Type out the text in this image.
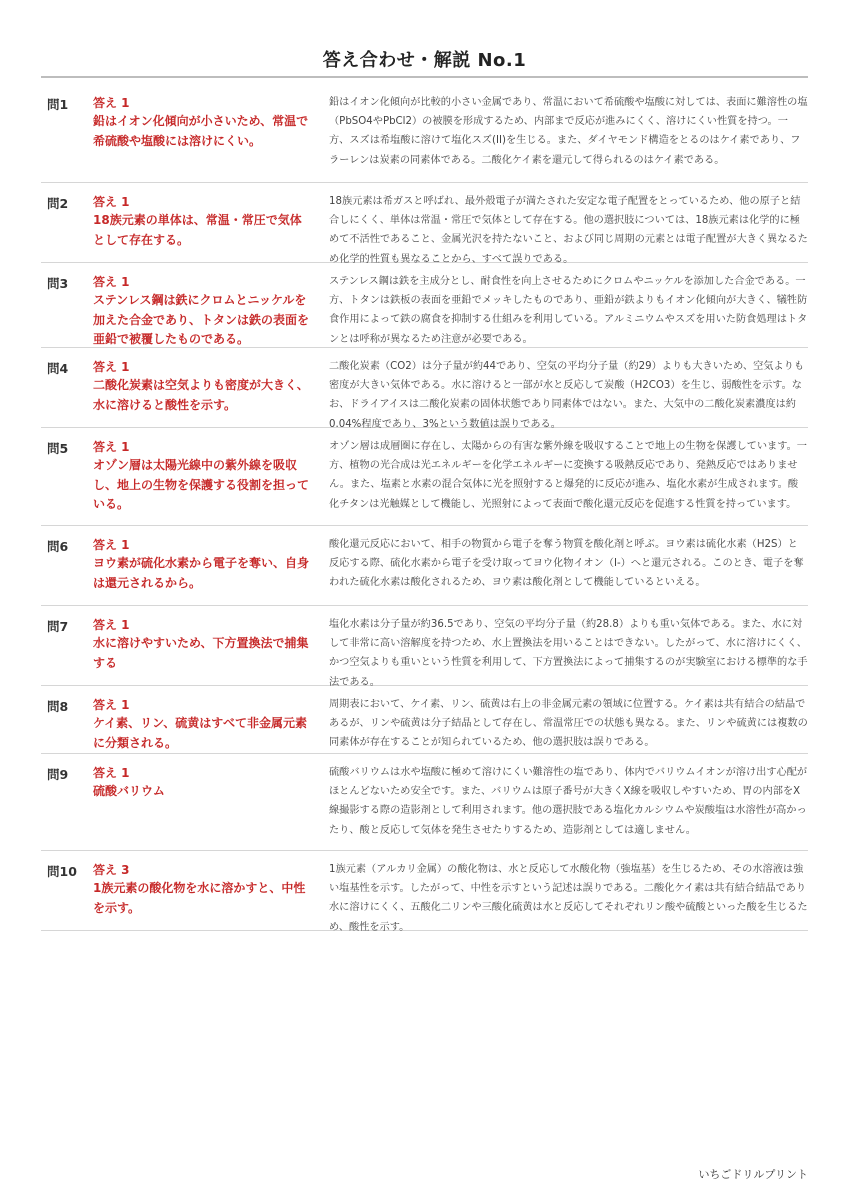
答え合わせ・解説 No.1
問1	答え 1
鉛はイオン化傾向が小さいため、常温で希硫酸や塩酸には溶けにくい。
鉛はイオン化傾向が比較的小さい金属であり、常温において希硫酸や塩酸に対しては、表面に難溶性の塩（PbSO4やPbCl2）の被膜を形成するため、内部まで反応が進みにくく、溶けにくい性質を持つ。一方、スズは希塩酸に溶けて塩化スズ(II)を生じる。また、ダイヤモンド構造をとるのはケイ素であり、フラーレンは炭素の同素体である。二酸化ケイ素を還元して得られるのはケイ素である。
問2	答え 1
18族元素の単体は、常温・常圧で気体として存在する。
18族元素は希ガスと呼ばれ、最外殻電子が満たされた安定な電子配置をとっているため、他の原子と結合しにくく、単体は常温・常圧で気体として存在する。他の選択肢については、18族元素は化学的に極めて不活性であること、金属光沢を持たないこと、および同じ周期の元素とは電子配置が大きく異なるため化学的性質も異なることから、すべて誤りである。
問3	答え 1
ステンレス鋼は鉄にクロムとニッケルを加えた合金であり、トタンは鉄の表面を亜鉛で被覆したものである。
ステンレス鋼は鉄を主成分とし、耐食性を向上させるためにクロムやニッケルを添加した合金である。一方、トタンは鉄板の表面を亜鉛でメッキしたものであり、亜鉛が鉄よりもイオン化傾向が大きく、犠牲防食作用によって鉄の腐食を抑制する仕組みを利用している。アルミニウムやスズを用いた防食処理はトタンとは呼称が異なるため注意が必要である。
問4	答え 1
二酸化炭素は空気よりも密度が大きく、水に溶けると酸性を示す。
二酸化炭素（CO2）は分子量が約44であり、空気の平均分子量（約29）よりも大きいため、空気よりも密度が大きい気体である。水に溶けると一部が水と反応して炭酸（H2CO3）を生じ、弱酸性を示す。なお、ドライアイスは二酸化炭素の固体状態であり同素体ではない。また、大気中の二酸化炭素濃度は約0.04%程度であり、3%という数値は誤りである。
問5	答え 1
オゾン層は太陽光線中の紫外線を吸収し、地上の生物を保護する役割を担っている。
オゾン層は成層圏に存在し、太陽からの有害な紫外線を吸収することで地上の生物を保護しています。一方、植物の光合成は光エネルギーを化学エネルギーに変換する吸熱反応であり、発熱反応ではありません。また、塩素と水素の混合気体に光を照射すると爆発的に反応が進み、塩化水素が生成されます。酸化チタンは光触媒として機能し、光照射によって表面で酸化還元反応を促進する性質を持っています。
問6	答え 1
ヨウ素が硫化水素から電子を奪い、自身は還元されるから。
酸化還元反応において、相手の物質から電子を奪う物質を酸化剤と呼ぶ。ヨウ素は硫化水素（H2S）と反応する際、硫化水素から電子を受け取ってヨウ化物イオン（I-）へと還元される。このとき、電子を奪われた硫化水素は酸化されるため、ヨウ素は酸化剤として機能しているといえる。
問7	答え 1
水に溶けやすいため、下方置換法で捕集する
塩化水素は分子量が約36.5であり、空気の平均分子量（約28.8）よりも重い気体である。また、水に対して非常に高い溶解度を持つため、水上置換法を用いることはできない。したがって、水に溶けにくく、かつ空気よりも重いという性質を利用して、下方置換法によって捕集するのが実験室における標準的な手法である。
問8	答え 1
ケイ素、リン、硫黄はすべて非金属元素に分類される。
周期表において、ケイ素、リン、硫黄は右上の非金属元素の領域に位置する。ケイ素は共有結合の結晶であるが、リンや硫黄は分子結晶として存在し、常温常圧での状態も異なる。また、リンや硫黄には複数の同素体が存在することが知られているため、他の選択肢は誤りである。
問9	答え 1
硫酸バリウム
硫酸バリウムは水や塩酸に極めて溶けにくい難溶性の塩であり、体内でバリウムイオンが溶け出す心配がほとんどないため安全です。また、バリウムは原子番号が大きくX線を吸収しやすいため、胃の内部をX線撮影する際の造影剤として利用されます。他の選択肢である塩化カルシウムや炭酸塩は水溶性が高かったり、酸と反応して気体を発生させたりするため、造影剤としては適しません。
問10	答え 3
1族元素の酸化物を水に溶かすと、中性を示す。
1族元素（アルカリ金属）の酸化物は、水と反応して水酸化物（強塩基）を生じるため、その水溶液は強い塩基性を示す。したがって、中性を示すという記述は誤りである。二酸化ケイ素は共有結合結晶であり水に溶けにくく、五酸化二リンや三酸化硫黄は水と反応してそれぞれリン酸や硫酸といった酸を生じるため、酸性を示す。
いちごドリルプリント
